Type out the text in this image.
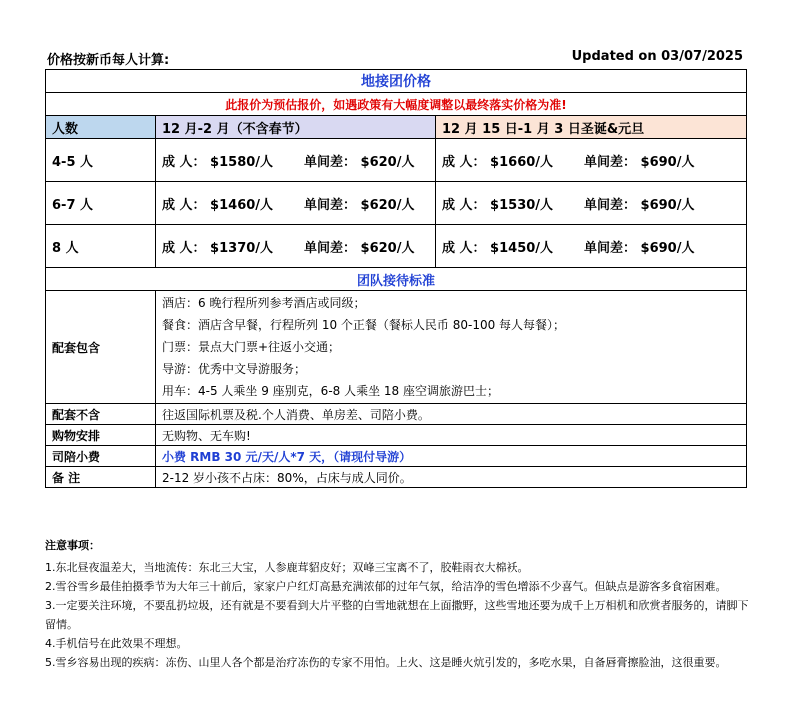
价格按新币每人计算:	Updated on 03/07/2025
地接团价格		
此报价为预估报价，如遇政策有大幅度调整以最终落实价格为准!		
人数	12 月-2 月（不含春节）	12 月 15 日-1 月 3 日圣诞&元旦
4-5 人	成 人： $1580/人 单间差： $620/人	成 人： $1660/人 单间差： $690/人
6-7 人	成 人： $1460/人 单间差： $620/人	成 人： $1530/人 单间差： $690/人
8 人	成 人： $1370/人 单间差： $620/人	成 人： $1450/人 单间差： $690/人
团队接待标准		
配套包含	酒店：6 晚行程所列参考酒店或同级；
餐食：酒店含早餐，行程所列 10 个正餐（餐标人民币 80-100 每人每餐）；
门票：景点大门票+往返小交通；
导游：优秀中文导游服务；
用车：4-5 人乘坐 9 座别克，6-8 人乘坐 18 座空调旅游巴士；	

配套不含	往返国际机票及税.个人消费、单房差、司陪小费。	
购物安排	无购物、无车购!	
司陪小费	小费 RMB 30 元/天/人*7 天，（请现付导游）	
备 注	2-12 岁小孩不占床：80%，占床与成人同价。	
注意事项：

1.东北昼夜温差大，当地流传：东北三大宝，人参鹿茸貂皮好；双峰三宝离不了，胶鞋雨衣大棉袄。

2.雪谷雪乡最佳拍摄季节为大年三十前后，家家户户红灯高悬充满浓郁的过年气氛，给洁净的雪色增添不少喜气。但缺点是游客多食宿困难。

3.一定要关注环境，不要乱扔垃圾，还有就是不要看到大片平整的白雪地就想在上面撒野，这些雪地还要为成千上万相机和欣赏者服务的，请脚下留情。

4.手机信号在此效果不理想。

5.雪乡容易出现的疾病：冻伤、山里人各个都是治疗冻伤的专家不用怕。上火、这是睡火炕引发的，多吃水果，自备唇膏擦脸油，这很重要。
